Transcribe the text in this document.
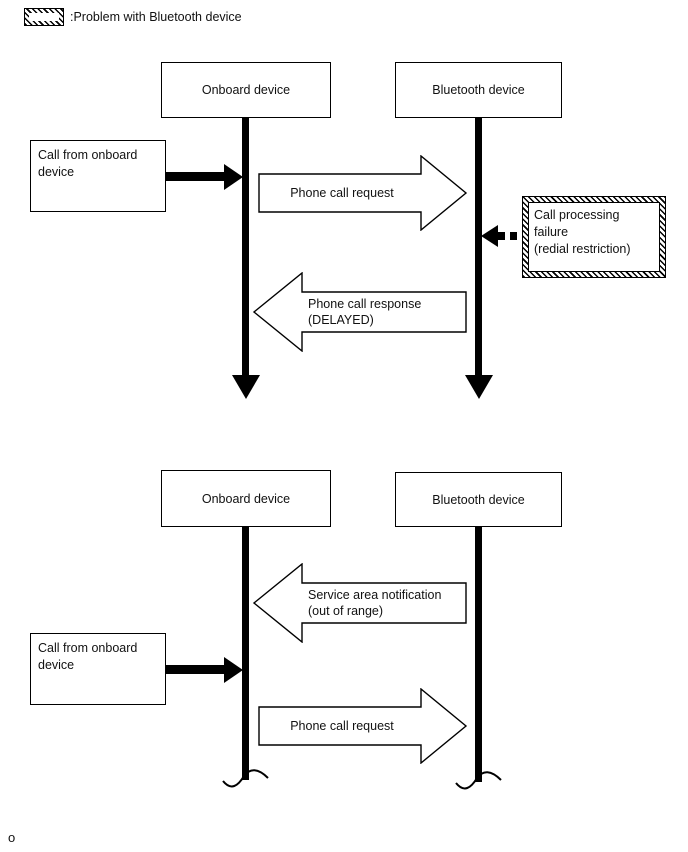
:Problem with Bluetooth device
Onboard device	Bluetooth device
Call from onboard device
Phone call request
Call processing failure
(redial restriction)
Phone call response
(DELAYED)
Onboard device	Bluetooth device
Service area notification
(out of range)
Call from onboard device
Phone call request
o
